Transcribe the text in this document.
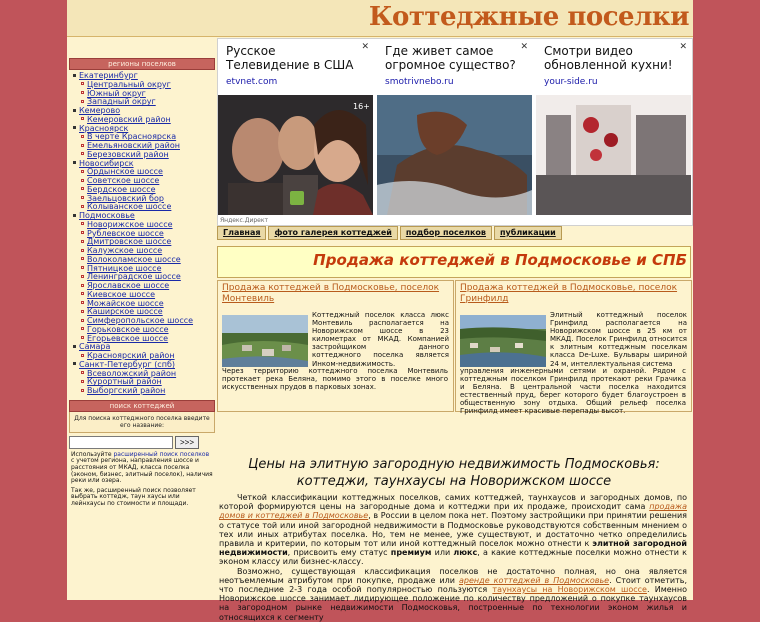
Коттеджные поселки
регионы поселков
Екатеринбург
Центральный округ
Южный округ
Западный округ
Кемерово
Кемеровский район
Красноярск
В черте Красноярска
Емельяновский район
Березовский район
Новосибирск
Ордынское шоссе
Советское шоссе
Бердское шоссе
Заельцовский бор
Колыванское шоссе
Подмосковье
Новорижское шоссе
Рублевское шоссе
Дмитровское шоссе
Калужское шоссе
Волоколамское шоссе
Пятницкое шоссе
Ленинградское шоссе
Ярославское шоссе
Киевское шоссе
Можайское шоссе
Каширское шоссе
Симферопольское шоссе
Горьковское шоссе
Егорьевское шоссе
Самара
Красноярский район
Санкт-Петербург (спб)
Всеволожский район
Курортный район
Выборгский район
поиск коттеджей
Для поиска коттеджного поселка введите его название:
>>>

Используйте расширенный поиск поселков с учетом региона, направления шоссе и расстояния от МКАД, класса поселка (эконом, бизнес, элитный поселок), наличия реки или озера.

Так же, расширенный поиск позволяет выбрать коттедж, таун хаусы или лейнхаусы по стоимости и площади.

Русское Телевидение в США
etvnet.com
✕
16+
Где живет самое огромное существо?
smotrivnebo.ru
✕ Смотри видео обновленной кухни!
your-side.ru
✕
Яндекс.Директ
Главная	фото галерея коттеджей	подбор поселков	публикации
Продажа коттеджей в Подмосковье и СПБ
Продажа коттеджей в Подмосковье, поселок Монтевиль
Коттеджный поселок класса люкс Монтевиль располагается на Новорижском шоссе в 23 километрах от МКАД. Компанией застройщиком данного коттеджного поселка является Инком-недвижимость.
Через территорию коттеджного поселка Монтевиль протекает река Беляна, помимо этого в поселке много искусственных прудов в парковых зонах.
Продажа коттеджей в Подмосковье, поселок Гринфилд
Элитный коттеджный поселок Гринфилд располагается на Новорижском шоссе в 25 км от МКАД. Поселок Гринфилд относится к элитным коттеджным поселкам класса De-Luxe. Бульвары шириной 24 м, интеллектуальная система
управления инженерными сетями и охраной. Рядом с коттеджным поселком Гринфилд протекают реки Грачика и Беляна. В центральной части поселка находится естественный пруд, берег которого будет благоустроен в общественную зону отдыха. Общий рельеф поселка Гринфилд имеет красивые перепады высот.
Цены на элитную загородную недвижимость Подмосковья: коттеджи, таунхаусы на Новорижском шоссе

Четкой классификации коттеджных поселков, самих коттеджей, таунхаусов и загородных домов, по которой формируются цены на загородные дома и коттеджи при их продаже, происходит сама продажа домов и коттеджей в Подмосковье, в России в целом пока нет. Поэтому застройщики при принятии решения о статусе той или иной загородной недвижимости в Подмосковье руководствуются собственным мнением о тех или иных атрибутах поселка. Но, тем не менее, уже существуют, и достаточно четко определились правила и критерии, по которым тот или иной коттеджный поселок можно отнести к элитной загородной недвижимости, присвоить ему статус премиум или люкс, а какие коттеджные поселки можно отнести к эконом классу или бизнес-классу.

Возможно, существующая классификация поселков не достаточно полная, но она является неотъемлемым атрибутом при покупке, продаже или аренде коттеджей в Подмосковье. Стоит отметить, что последние 2-3 года особой популярностью пользуются таунхаусы на Новорижском шоссе. Именно Новорижское шоссе занимает лидирующее положение по количеству предложений о покупке таунхаусов на загородном рынке недвижимости Подмосковья, построенные по технологии эконом жилья и относящихся к сегменту
